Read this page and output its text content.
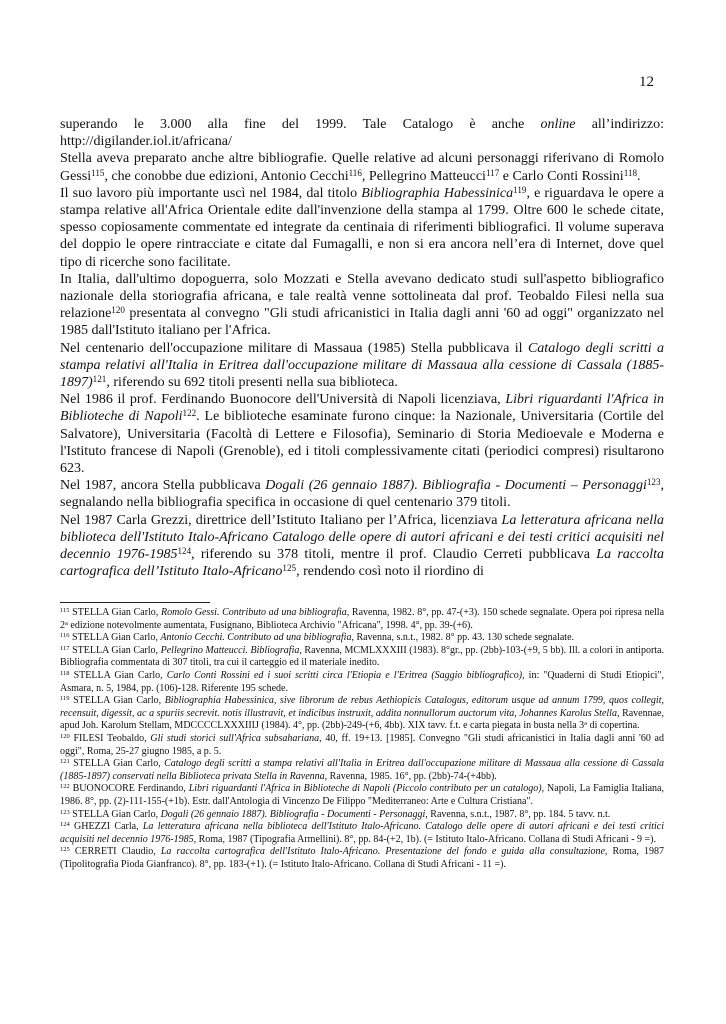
12

superando le 3.000 alla fine del 1999. Tale Catalogo è anche online all’indirizzo: http://digilander.iol.it/africana/

Stella aveva preparato anche altre bibliografie. Quelle relative ad alcuni personaggi riferivano di Romolo Gessi$^{115}$, che conobbe due edizioni, Antonio Cecchi$^{116}$, Pellegrino Matteucci$^{117}$ e Carlo Conti Rossini$^{118}$.

Il suo lavoro più importante uscì nel 1984, dal titolo Bibliographia Habessinica$^{119}$, e riguardava le opere a stampa relative all'Africa Orientale edite dall'invenzione della stampa al 1799. Oltre 600 le schede citate, spesso copiosamente commentate ed integrate da centinaia di riferimenti bibliografici. Il volume superava del doppio le opere rintracciate e citate dal Fumagalli, e non si era ancora nell’era di Internet, dove quel tipo di ricerche sono facilitate.

In Italia, dall'ultimo dopoguerra, solo Mozzati e Stella avevano dedicato studi sull'aspetto bibliografico nazionale della storiografia africana, e tale realtà venne sottolineata dal prof. Teobaldo Filesi nella sua relazione$^{120}$ presentata al convegno "Gli studi africanistici in Italia dagli anni '60 ad oggi" organizzato nel 1985 dall'Istituto italiano per l'Africa.

Nel centenario dell'occupazione militare di Massaua (1985) Stella pubblicava il Catalogo degli scritti a stampa relativi all'Italia in Eritrea dall'occupazione militare di Massaua alla cessione di Cassala (1885-1897)$^{121}$, riferendo su 692 titoli presenti nella sua biblioteca.

Nel 1986 il prof. Ferdinando Buonocore dell'Università di Napoli licenziava, Libri riguardanti l'Africa in Biblioteche di Napoli$^{122}$. Le biblioteche esaminate furono cinque: la Nazionale, Universitaria (Cortile del Salvatore), Universitaria (Facoltà di Lettere e Filosofia), Seminario di Storia Medioevale e Moderna e l'Istituto francese di Napoli (Grenoble), ed i titoli complessivamente citati (periodici compresi) risultarono 623.

Nel 1987, ancora Stella pubblicava Dogali (26 gennaio 1887). Bibliografia - Documenti – Personaggi$^{123}$, segnalando nella bibliografia specifica in occasione di quel centenario 379 titoli.

Nel 1987 Carla Grezzi, direttrice dell’Istituto Italiano per l’Africa, licenziava La letteratura africana nella biblioteca dell'Istituto Italo-Africano Catalogo delle opere di autori africani e dei testi critici acquisiti nel decennio 1976-1985$^{124}$, riferendo su 378 titoli, mentre il prof. Claudio Cerreti pubblicava La raccolta cartografica dell’Istituto Italo-Africano$^{125}$, rendendo così noto il riordino di

$^{115}$ STELLA Gian Carlo, Romolo Gessi. Contributo ad una bibliografia, Ravenna, 1982. 8°, pp. 47-(+3). 150 schede segnalate. Opera poi ripresa nella 2$^a$ edizione notevolmente aumentata, Fusignano, Biblioteca Archivio "Africana", 1998. 4°, pp. 39-(+6).

$^{116}$ STELLA Gian Carlo, Antonio Cecchi. Contributo ad una bibliografia, Ravenna, s.n.t., 1982. 8° pp. 43. 130 schede segnalate.

$^{117}$ STELLA Gian Carlo, Pellegrino Matteucci. Bibliografia, Ravenna, MCMLXXXIII (1983). 8°gr., pp. (2bb)-103-(+9, 5 bb). Ill. a colori in antiporta. Bibliografia commentata di 307 titoli, tra cui il carteggio ed il materiale inedito.

$^{118}$ STELLA Gian Carlo, Carlo Conti Rossini ed i suoi scritti circa l'Etiopia e l'Eritrea (Saggio bibliografico), in: "Quaderni di Studi Etiopici", Asmara, n. 5, 1984, pp. (106)-128. Riferente 195 schede.

$^{119}$ STELLA Gian Carlo, Bibliographia Habessinica, sive librorum de rebus Aethiopicis Catalogus, editorum usque ad annum 1799, quos collegit, recensuit, digessit, ac a spuriis secrevit. notis illustravit, et indicibus instruxit, addita nonnullorum auctorum vita, Johannes Karolus Stella, Ravennae, apud Joh. Karolum Stellam, MDCCCCLXXXIIIJ (1984). 4°, pp. (2bb)-249-(+6, 4bb). XIX tavv. f.t. e carta piegata in busta nella 3$^a$ di copertina.

$^{120}$ FILESI Teobaldo, Gli studi storici sull'Africa subsahariana, 40, ff. 19+13. [1985]. Convegno "Gli studi africanistici in Italia dagli anni '60 ad oggi", Roma, 25-27 giugno 1985, a p. 5.

$^{121}$ STELLA Gian Carlo, Catalogo degli scritti a stampa relativi all'Italia in Eritrea dall'occupazione militare di Massaua alla cessione di Cassala (1885-1897) conservati nella Biblioteca privata Stella in Ravenna, Ravenna, 1985. 16°, pp. (2bb)-74-(+4bb).

$^{122}$ BUONOCORE Ferdinando, Libri riguardanti l'Africa in Biblioteche di Napoli (Piccolo contributo per un catalogo), Napoli, La Famiglia Italiana, 1986. 8°, pp. (2)-111-155-(+1b). Estr. dall'Antologia di Vincenzo De Filippo "Mediterraneo: Arte e Cultura Cristiana".

$^{123}$ STELLA Gian Carlo, Dogali (26 gennaio 1887). Bibliografia - Documenti - Personaggi, Ravenna, s.n.t., 1987. 8°, pp. 184. 5 tavv. n.t.

$^{124}$ GHEZZI Carla, La letteratura africana nella biblioteca dell'Istituto Italo-Africano. Catalogo delle opere di autori africani e dei testi critici acquisiti nel decennio 1976-1985, Roma, 1987 (Tipografia Armellini). 8°, pp. 84-(+2, 1b). (= Istituto Italo-Africano. Collana di Studi Africani - 9 =).

$^{125}$ CERRETI Claudio, La raccolta cartografica dell'Istituto Italo-Africano. Presentazione del fondo e guida alla consultazione, Roma, 1987 (Tipolitografia Pioda Gianfranco). 8°, pp. 183-(+1). (= Istituto Italo-Africano. Collana di Studi Africani - 11 =).
